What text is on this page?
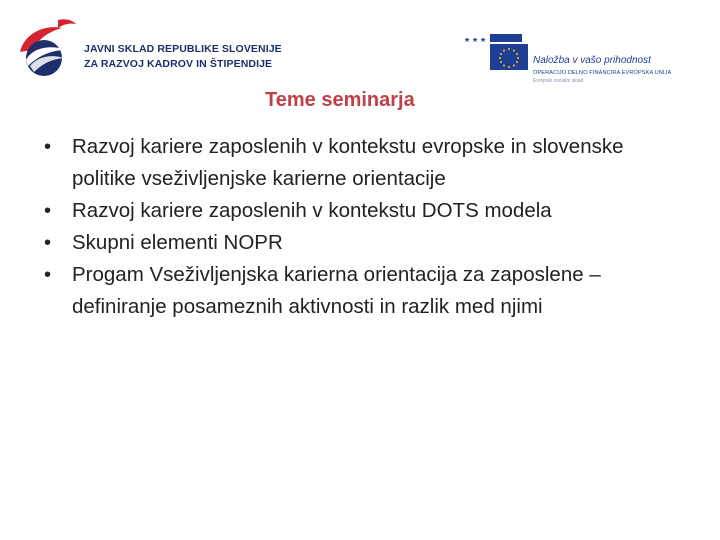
JAVNI SKLAD REPUBLIKE SLOVENIJE
ZA RAZVOJ KADROV IN ŠTIPENDIJE
★ ★ ★
Naložba v vašo prihodnost
OPERACIJO DELNO FINANCIRA EVROPSKA UNIJA
Evropski socialni sklad
Teme seminarja
• Razvoj kariere zaposlenih v kontekstu evropske in slovenske politike vseživljenjske karierne orientacije
• Razvoj kariere zaposlenih v kontekstu DOTS modela
• Skupni elementi NOPR
• Progam Vseživljenjska karierna orientacija za zaposlene – definiranje posameznih aktivnosti in razlik med njimi
